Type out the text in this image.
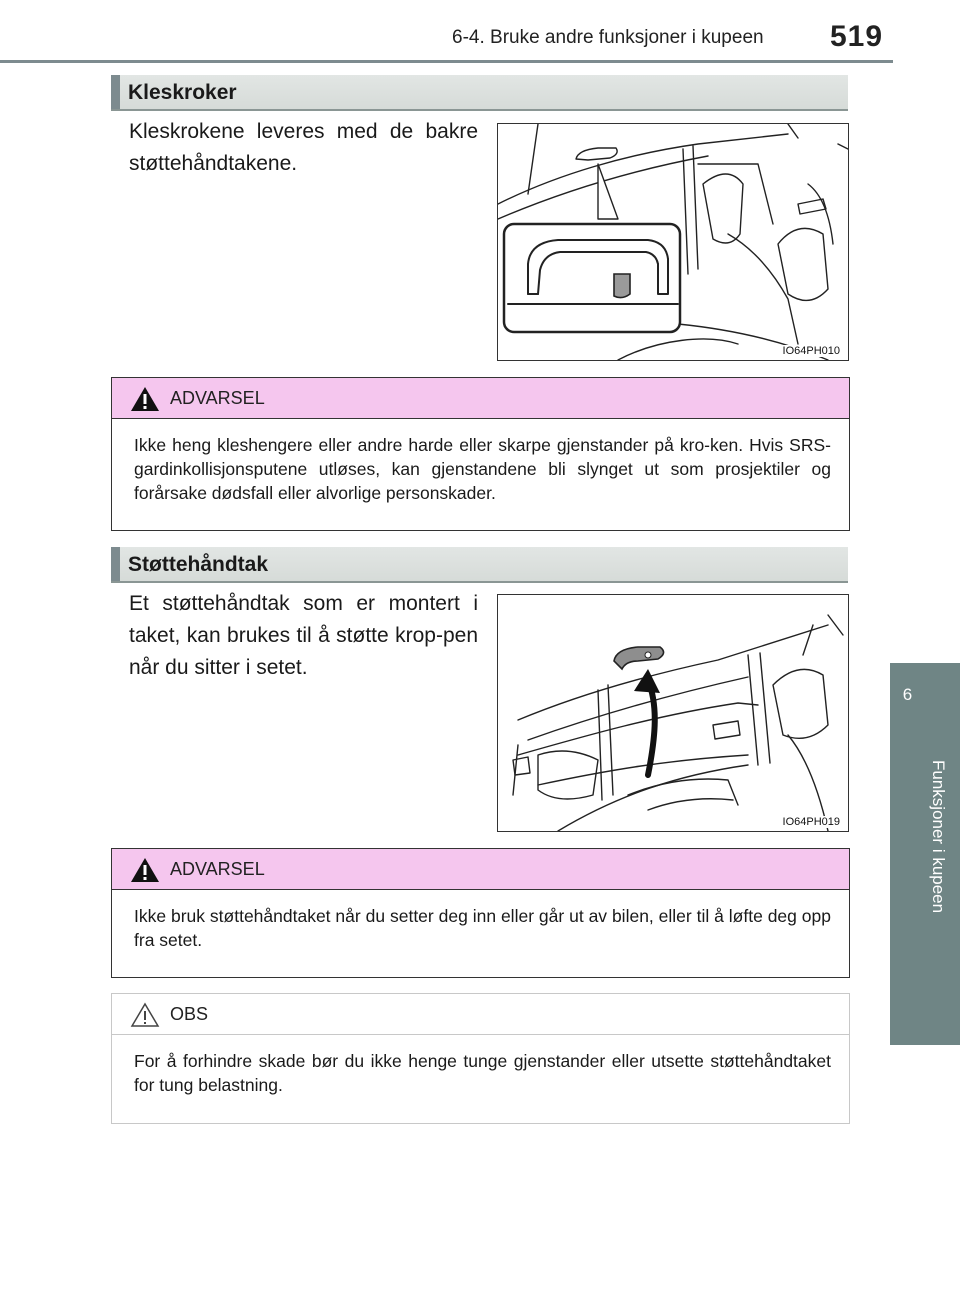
6-4. Bruke andre funksjoner i kupeen 519
6
Funksjoner i kupeen
Kleskroker
Kleskrokene leveres med de bakre støttehåndtakene.
IO64PH010
ADVARSEL
Ikke heng kleshengere eller andre harde eller skarpe gjenstander på kro-ken. Hvis SRS-gardinkollisjonsputene utløses, kan gjenstandene bli slynget ut som prosjektiler og forårsake dødsfall eller alvorlige personskader.
Støttehåndtak
Et støttehåndtak som er montert i taket, kan brukes til å støtte krop-pen når du sitter i setet.
IO64PH019
ADVARSEL
Ikke bruk støttehåndtaket når du setter deg inn eller går ut av bilen, eller til å løfte deg opp fra setet.
OBS
For å forhindre skade bør du ikke henge tunge gjenstander eller utsette støttehåndtaket for tung belastning.
